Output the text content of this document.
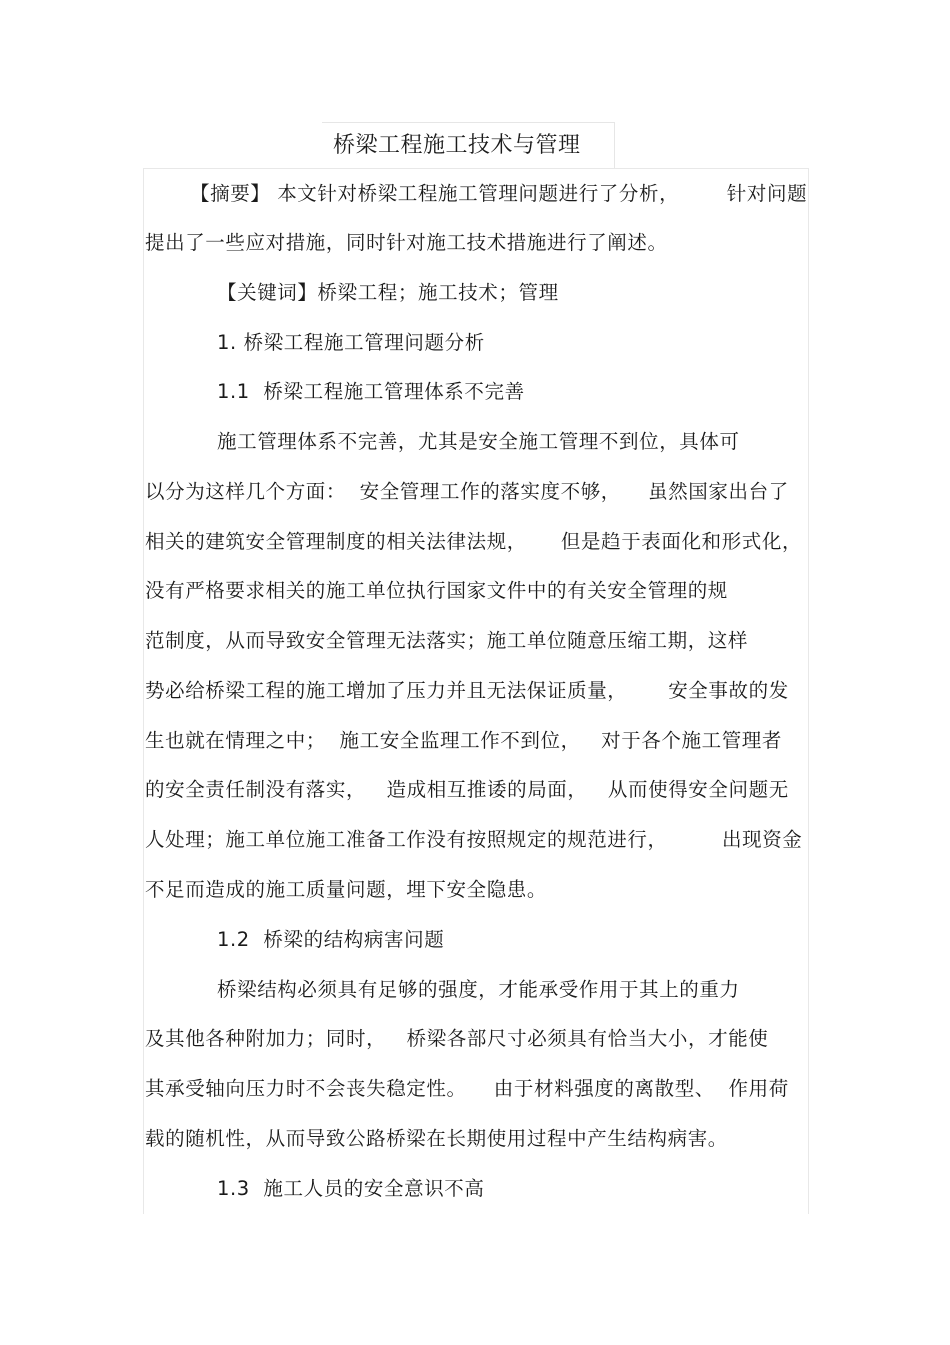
桥梁工程施工技术与管理
【摘要】 本文针对桥梁工程施工管理问题进行了分析，       针对问题
提出了一些应对措施，同时针对施工技术措施进行了阐述。
【关键词】桥梁工程；施工技术；管理
1. 桥梁工程施工管理问题分析
1.1  桥梁工程施工管理体系不完善
施工管理体系不完善，尤其是安全施工管理不到位，具体可
以分为这样几个方面：  安全管理工作的落实度不够，    虽然国家出台了
相关的建筑安全管理制度的相关法律法规，     但是趋于表面化和形式化，
没有严格要求相关的施工单位执行国家文件中的有关安全管理的规
范制度，从而导致安全管理无法落实；施工单位随意压缩工期，这样
势必给桥梁工程的施工增加了压力并且无法保证质量，      安全事故的发
生也就在情理之中；  施工安全监理工作不到位，   对于各个施工管理者
的安全责任制没有落实，   造成相互推诿的局面，   从而使得安全问题无
人处理；施工单位施工准备工作没有按照规定的规范进行，        出现资金
不足而造成的施工质量问题，埋下安全隐患。
1.2  桥梁的结构病害问题
桥梁结构必须具有足够的强度，才能承受作用于其上的重力
及其他各种附加力；同时，   桥梁各部尺寸必须具有恰当大小，才能使
其承受轴向压力时不会丧失稳定性。    由于材料强度的离散型、  作用荷
载的随机性，从而导致公路桥梁在长期使用过程中产生结构病害。
1.3  施工人员的安全意识不高
